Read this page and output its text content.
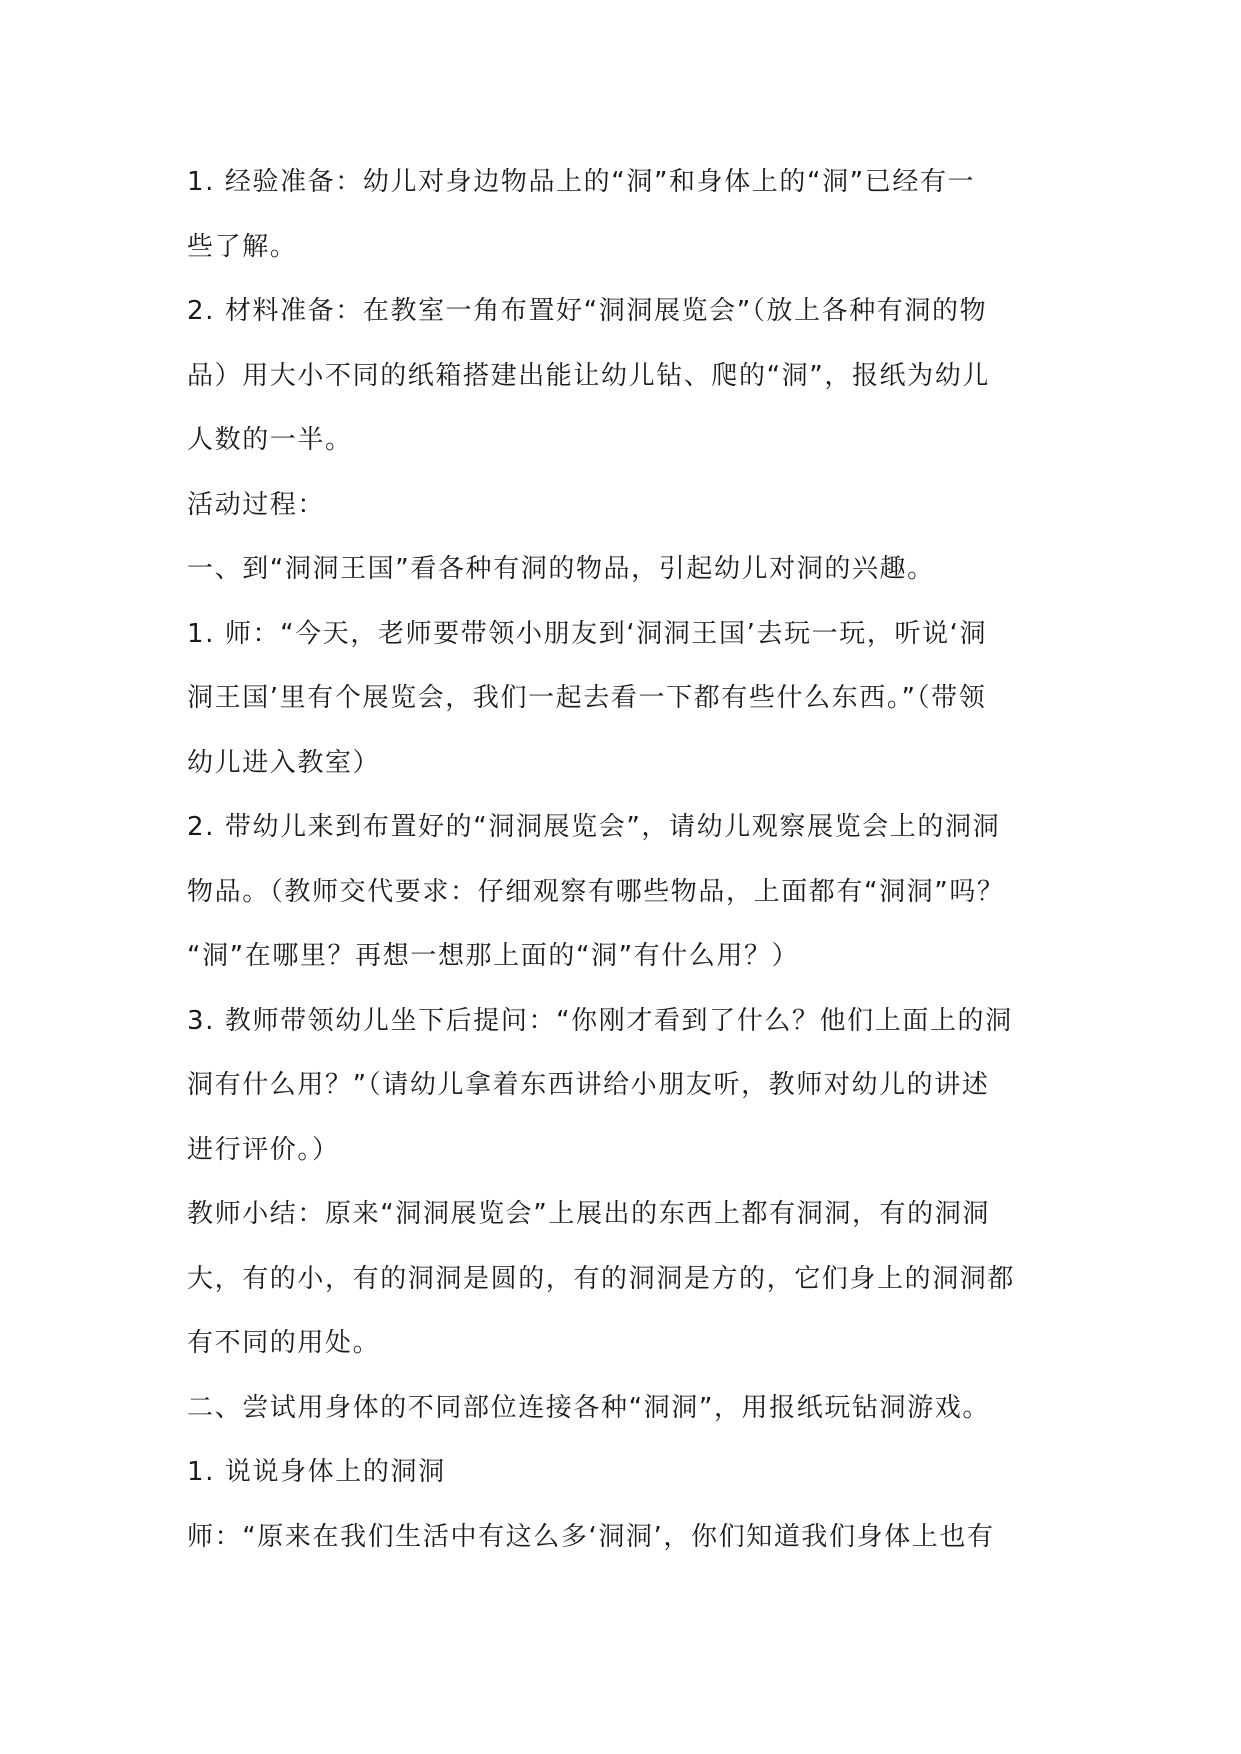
1. 经验准备：幼儿对身边物品上的“洞”和身体上的“洞”已经有一
些了解。
2. 材料准备：在教室一角布置好“洞洞展览会”（放上各种有洞的物
品）用大小不同的纸箱搭建出能让幼儿钻、爬的“洞”，报纸为幼儿
人数的一半。
活动过程：
一、到“洞洞王国”看各种有洞的物品，引起幼儿对洞的兴趣。
1. 师：“今天，老师要带领小朋友到‘洞洞王国’去玩一玩，听说‘洞
洞王国’里有个展览会，我们一起去看一下都有些什么东西。”（带领
幼儿进入教室）
2. 带幼儿来到布置好的“洞洞展览会”，请幼儿观察展览会上的洞洞
物品。（教师交代要求：仔细观察有哪些物品，上面都有“洞洞”吗？
“洞”在哪里？再想一想那上面的“洞”有什么用？）
3. 教师带领幼儿坐下后提问：“你刚才看到了什么？他们上面上的洞
洞有什么用？”（请幼儿拿着东西讲给小朋友听，教师对幼儿的讲述
进行评价。）
教师小结：原来“洞洞展览会”上展出的东西上都有洞洞，有的洞洞
大，有的小，有的洞洞是圆的，有的洞洞是方的，它们身上的洞洞都
有不同的用处。
二、尝试用身体的不同部位连接各种“洞洞”，用报纸玩钻洞游戏。
1. 说说身体上的洞洞
师：“原来在我们生活中有这么多‘洞洞’，你们知道我们身体上也有
